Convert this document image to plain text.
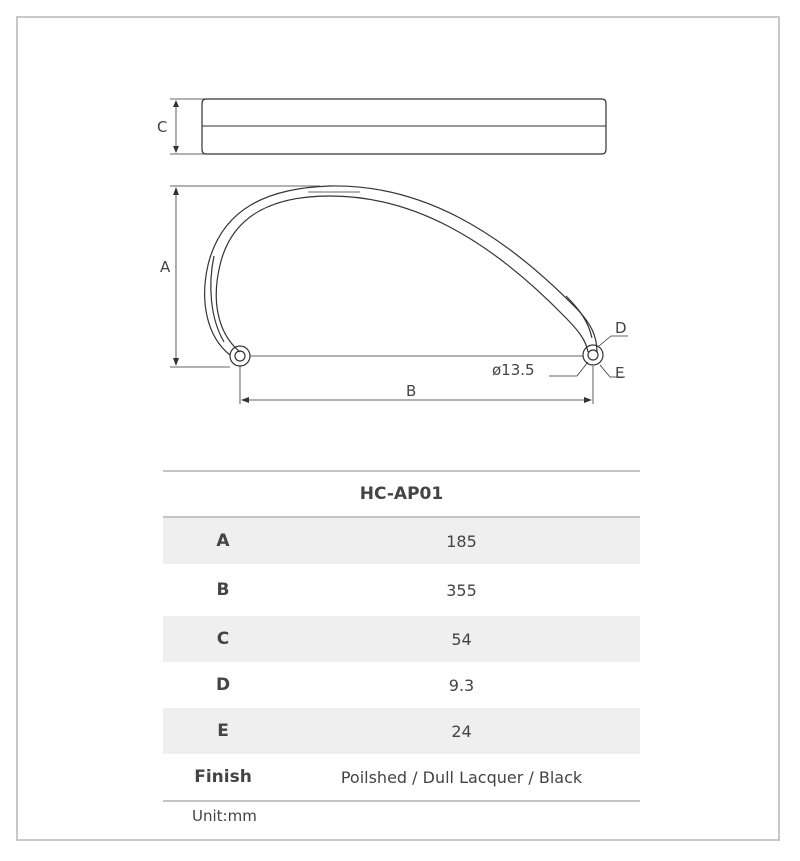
C
A
B
D
E
ø13.5
HC-AP01	
A	185
B	355
C	54
D	9.3
E	24
Finish	Poilshed / Dull Lacquer / Black
Unit:mm
